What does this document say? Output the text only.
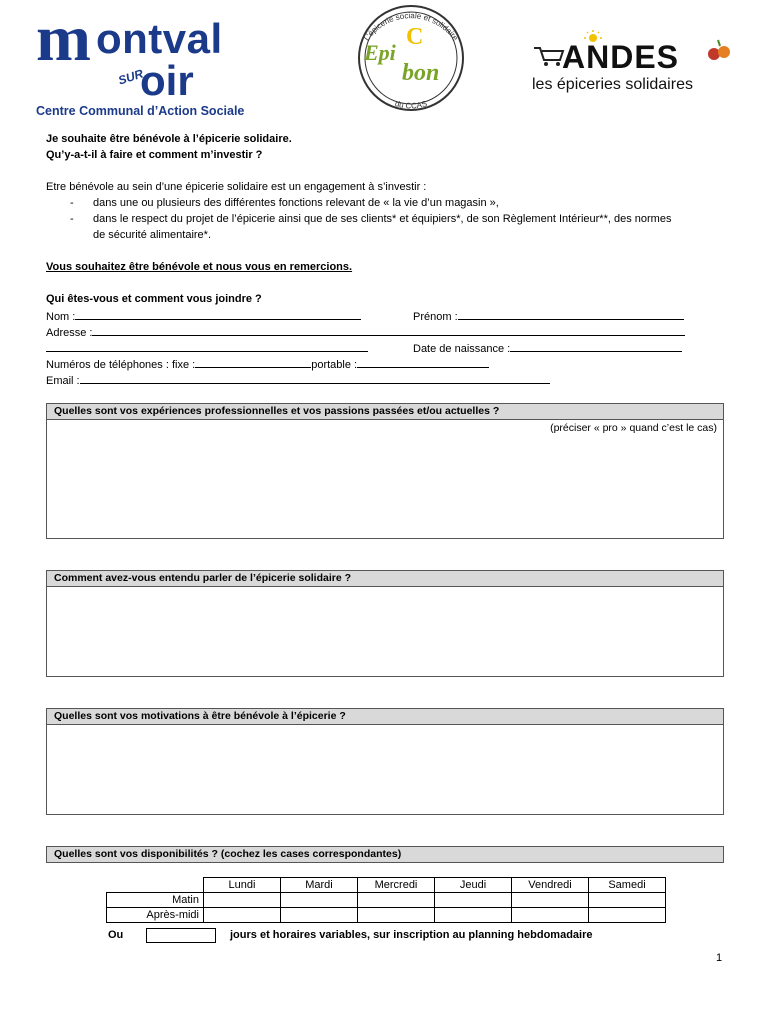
m ontval
SUR
oir
Centre Communal d’Action Sociale
L’épicerie sociale et solidaire
du CCAS
Epi
C
bon	ANDES
les épiceries solidaires
Je souhaite être bénévole à l’épicerie solidaire.
Qu’y-a-t-il à faire et comment m’investir ?
Etre bénévole au sein d’une épicerie solidaire est un engagement à s’investir :
- dans une ou plusieurs des différentes fonctions relevant de « la vie d’un magasin »,
- dans le respect du projet de l’épicerie ainsi que de ses clients* et équipiers*, de son Règlement Intérieur**, des normes
de sécurité alimentaire*.
Vous souhaitez être bénévole et nous vous en remercions.
Qui êtes-vous et comment vous joindre ?
Nom :	Prénom :
Adresse :
Date de naissance :
Numéros de téléphones : fixe :	portable :
Email :
Quelles sont vos expériences professionnelles et vos passions passées et/ou actuelles ?
(préciser « pro » quand c’est le cas)
Comment avez-vous entendu parler de l’épicerie solidaire ?
Quelles sont vos motivations à être bénévole à l’épicerie ?
Quelles sont vos disponibilités ? (cochez les cases correspondantes)
	Lundi	Mardi	Mercredi	Jeudi	Vendredi	Samedi
Matin						
Après-midi						
Ou	jours et horaires variables, sur inscription au planning hebdomadaire
1
